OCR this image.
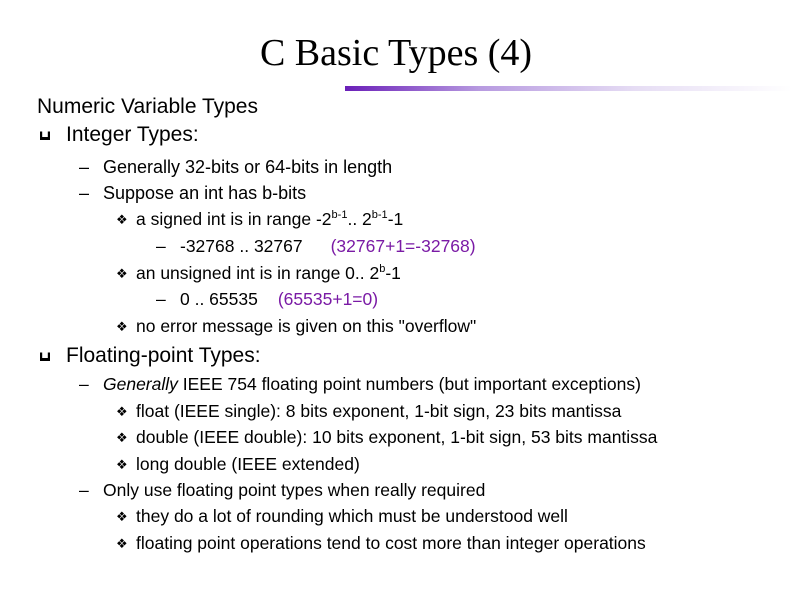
C Basic Types (4)
Numeric Variable Types
Integer Types:
– Generally 32-bits or 64-bits in length
– Suppose an int has b-bits
❖ a signed int is in range -2$^{b-1}$.. 2$^{b-1}$-1
– -32768 .. 32767 (32767+1=-32768)
❖ an unsigned int is in range 0.. 2$^b$-1
– 0 .. 65535 (65535+1=0)
❖ no error message is given on this "overflow"
Floating-point Types:
– Generally IEEE 754 floating point numbers (but important exceptions)
❖ float (IEEE single): 8 bits exponent, 1-bit sign, 23 bits mantissa
❖ double (IEEE double): 10 bits exponent, 1-bit sign, 53 bits mantissa
❖ long double (IEEE extended)
– Only use floating point types when really required
❖ they do a lot of rounding which must be understood well
❖ floating point operations tend to cost more than integer operations
